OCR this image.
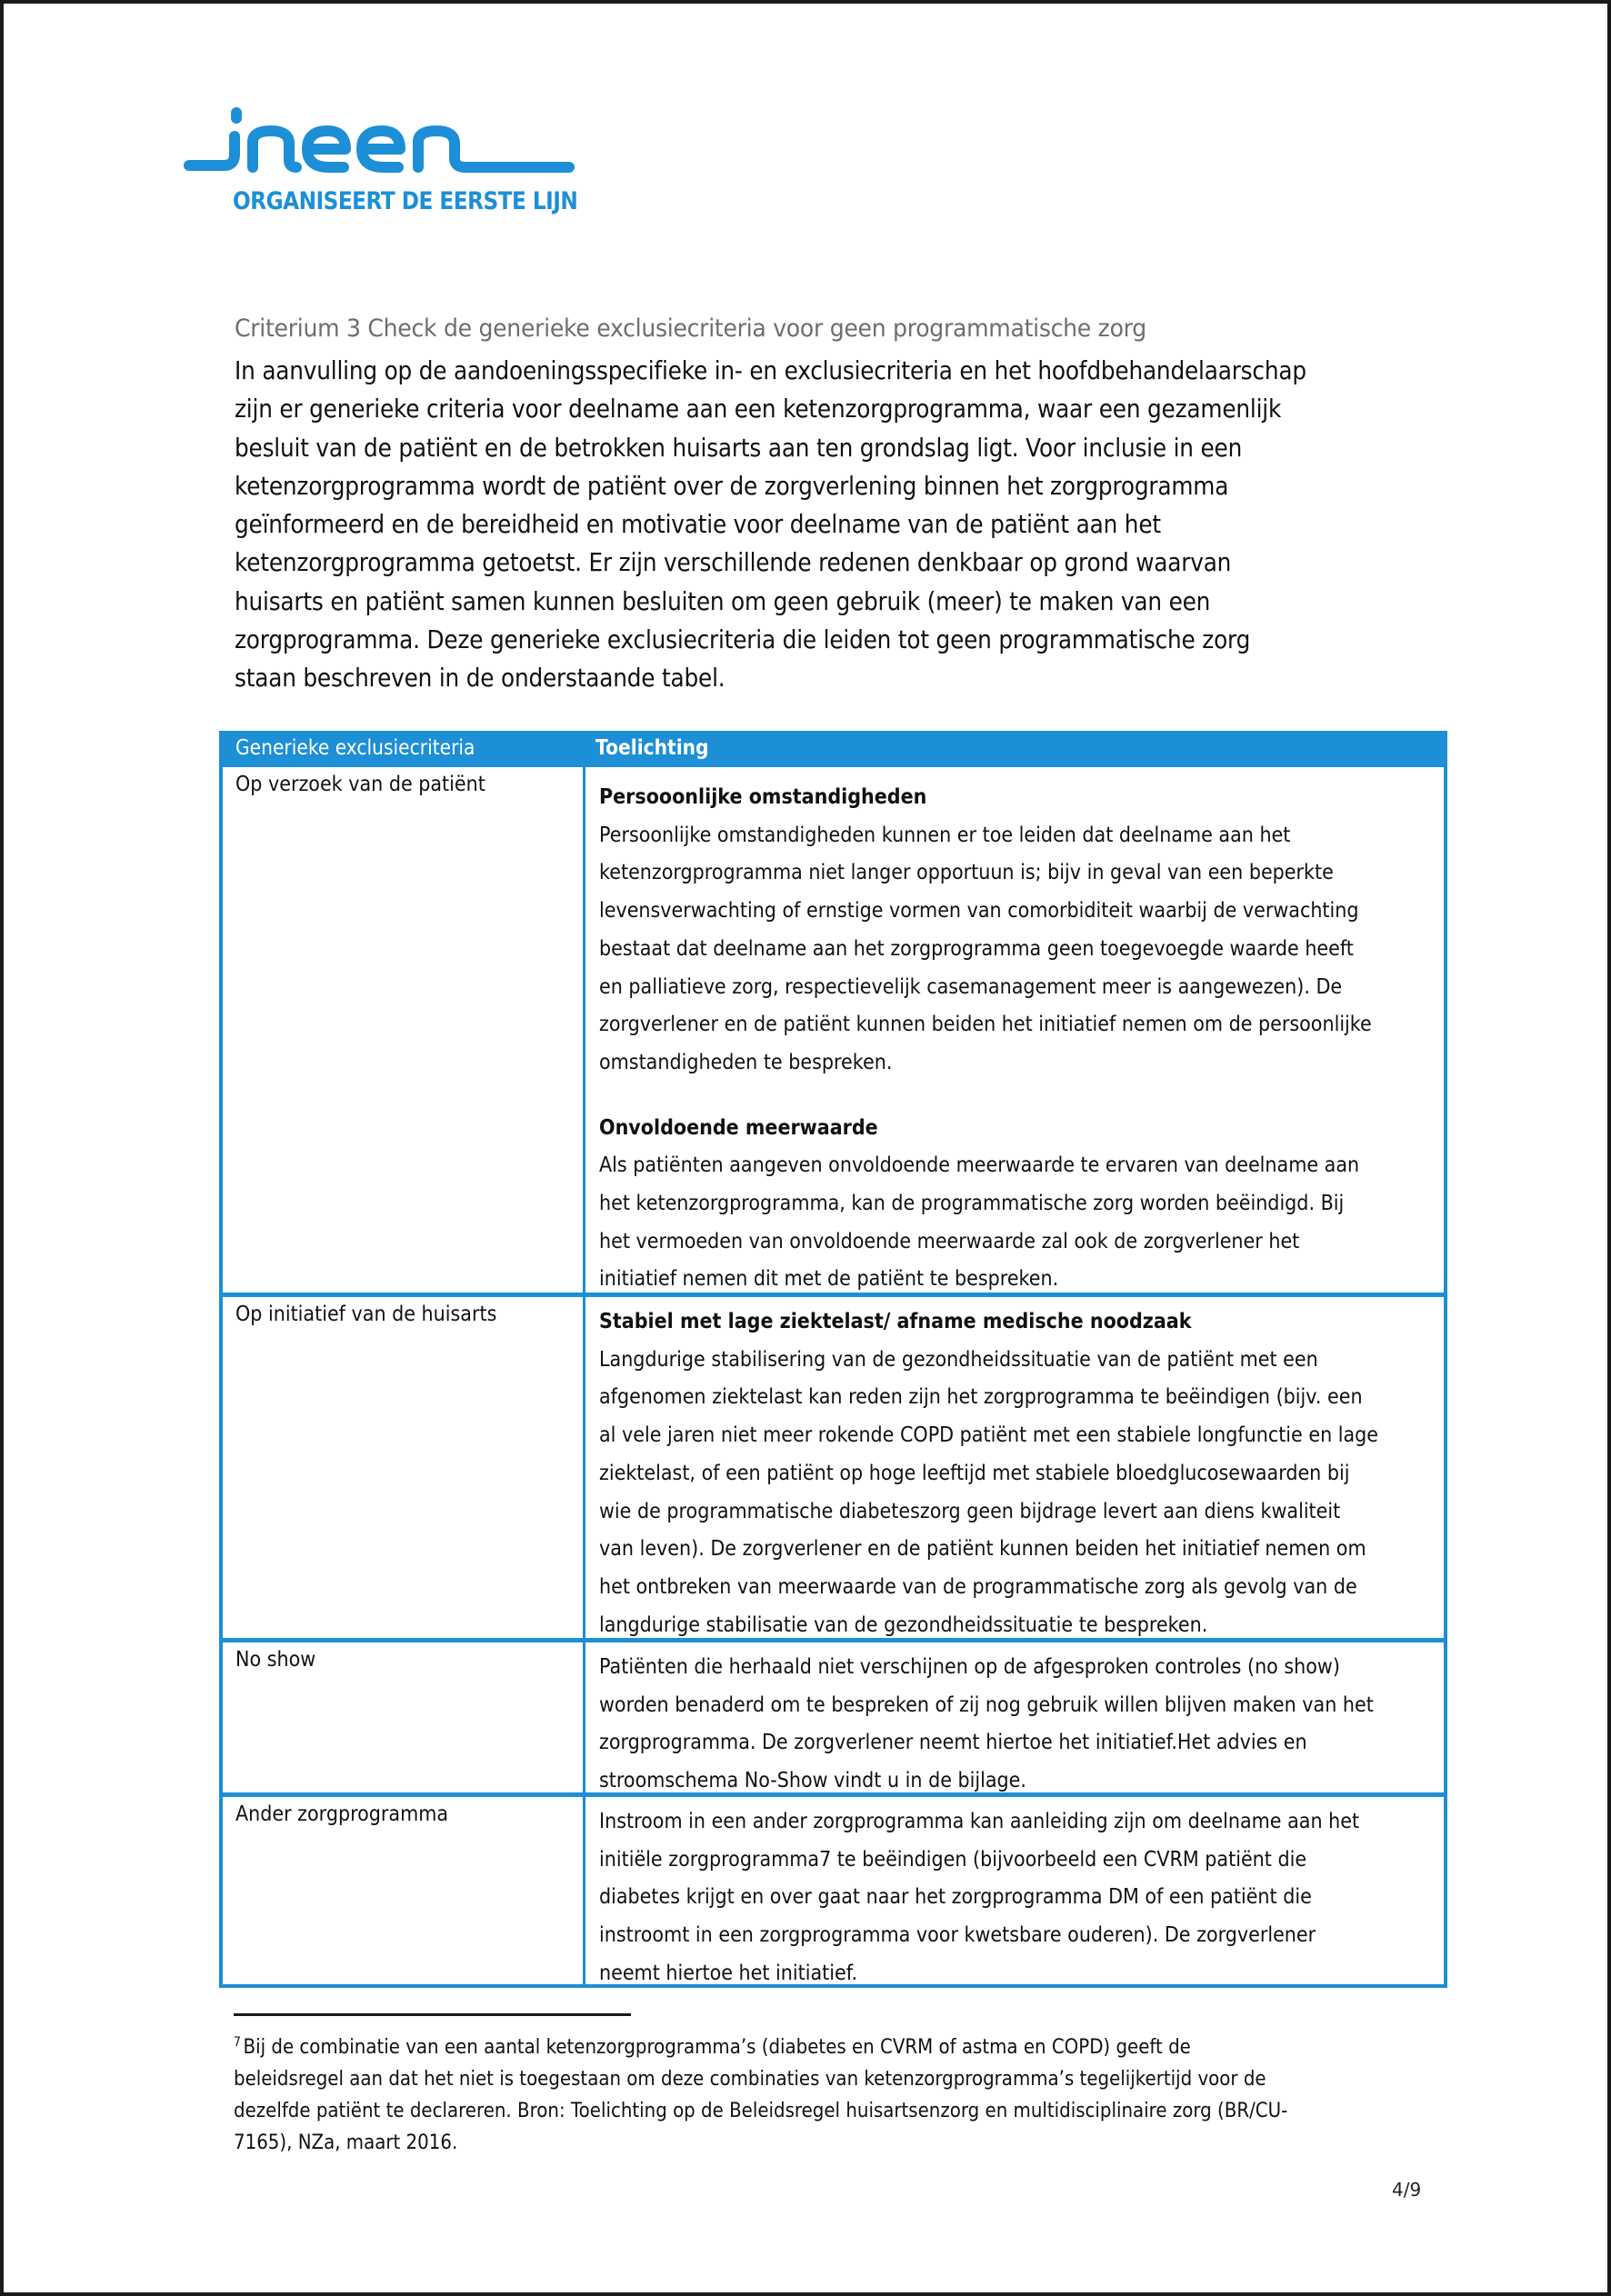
ORGANISEERT DE EERSTE LIJN
Criterium 3 Check de generieke exclusiecriteria voor geen programmatische zorg
In aanvulling op de aandoeningsspecifieke in- en exclusiecriteria en het hoofdbehandelaarschap
zijn er generieke criteria voor deelname aan een ketenzorgprogramma, waar een gezamenlijk
besluit van de patiënt en de betrokken huisarts aan ten grondslag ligt. Voor inclusie in een
ketenzorgprogramma wordt de patiënt over de zorgverlening binnen het zorgprogramma
geïnformeerd en de bereidheid en motivatie voor deelname van de patiënt aan het
ketenzorgprogramma getoetst. Er zijn verschillende redenen denkbaar op grond waarvan
huisarts en patiënt samen kunnen besluiten om geen gebruik (meer) te maken van een
zorgprogramma. Deze generieke exclusiecriteria die leiden tot geen programmatische zorg
staan beschreven in de onderstaande tabel.
Generieke exclusiecriteria	Toelichting
Op verzoek van de patiënt	Persooonlijke omstandigheden
Persoonlijke omstandigheden kunnen er toe leiden dat deelname aan het
ketenzorgprogramma niet langer opportuun is; bijv in geval van een beperkte
levensverwachting of ernstige vormen van comorbiditeit waarbij de verwachting
bestaat dat deelname aan het zorgprogramma geen toegevoegde waarde heeft
en palliatieve zorg, respectievelijk casemanagement meer is aangewezen). De
zorgverlener en de patiënt kunnen beiden het initiatief nemen om de persoonlijke
omstandigheden te bespreken.
Onvoldoende meerwaarde
Als patiënten aangeven onvoldoende meerwaarde te ervaren van deelname aan
het ketenzorgprogramma, kan de programmatische zorg worden beëindigd. Bij
het vermoeden van onvoldoende meerwaarde zal ook de zorgverlener het
initiatief nemen dit met de patiënt te bespreken.
Op initiatief van de huisarts	Stabiel met lage ziektelast/ afname medische noodzaak
Langdurige stabilisering van de gezondheidssituatie van de patiënt met een
afgenomen ziektelast kan reden zijn het zorgprogramma te beëindigen (bijv. een
al vele jaren niet meer rokende COPD patiënt met een stabiele longfunctie en lage
ziektelast, of een patiënt op hoge leeftijd met stabiele bloedglucosewaarden bij
wie de programmatische diabeteszorg geen bijdrage levert aan diens kwaliteit
van leven). De zorgverlener en de patiënt kunnen beiden het initiatief nemen om
het ontbreken van meerwaarde van de programmatische zorg als gevolg van de
langdurige stabilisatie van de gezondheidssituatie te bespreken.
No show	Patiënten die herhaald niet verschijnen op de afgesproken controles (no show)
worden benaderd om te bespreken of zij nog gebruik willen blijven maken van het
zorgprogramma. De zorgverlener neemt hiertoe het initiatief.Het advies en
stroomschema No-Show vindt u in de bijlage.
Ander zorgprogramma	Instroom in een ander zorgprogramma kan aanleiding zijn om deelname aan het
initiële zorgprogramma7 te beëindigen (bijvoorbeeld een CVRM patiënt die
diabetes krijgt en over gaat naar het zorgprogramma DM of een patiënt die
instroomt in een zorgprogramma voor kwetsbare ouderen). De zorgverlener
neemt hiertoe het initiatief.
$^7$ Bij de combinatie van een aantal ketenzorgprogramma’s (diabetes en CVRM of astma en COPD) geeft de
beleidsregel aan dat het niet is toegestaan om deze combinaties van ketenzorgprogramma’s tegelijkertijd voor de
dezelfde patiënt te declareren. Bron: Toelichting op de Beleidsregel huisartsenzorg en multidisciplinaire zorg (BR/CU-
7165), NZa, maart 2016.
4/9
